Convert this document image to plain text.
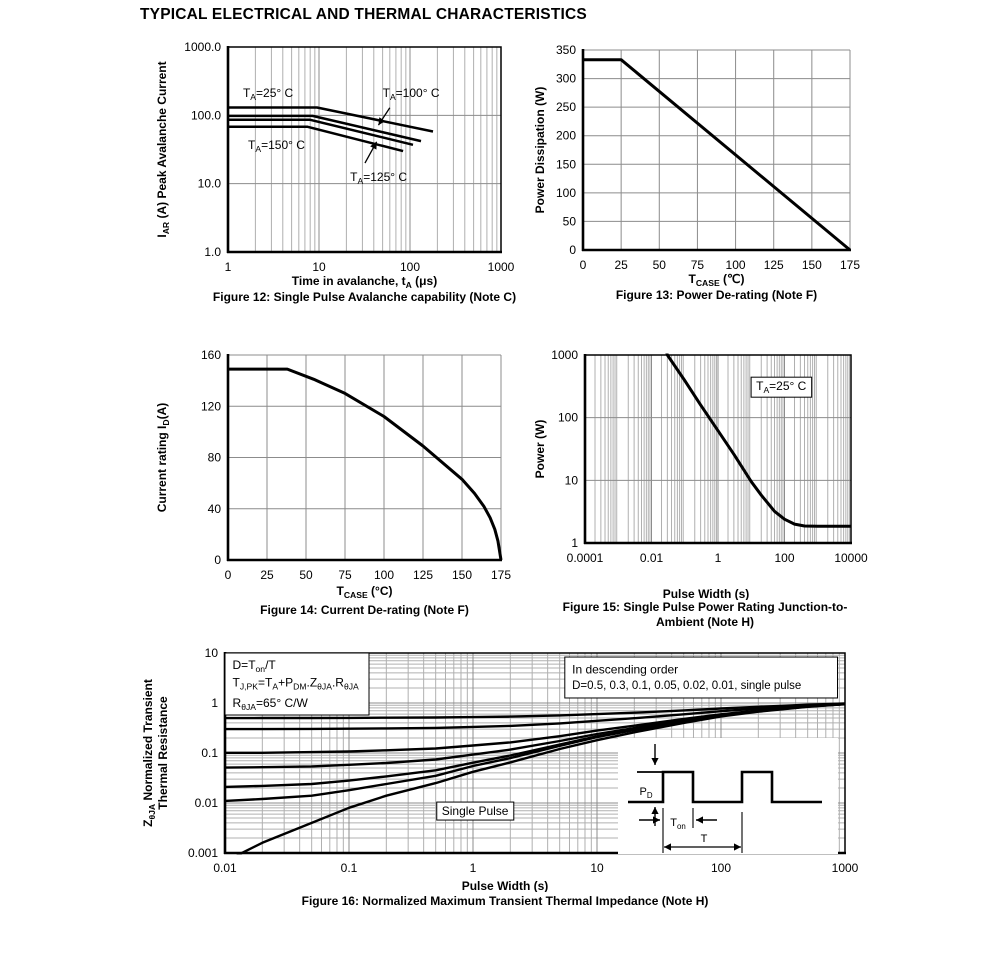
TYPICAL ELECTRICAL AND THERMAL CHARACTERISTICS
$T_A=25^\circ$ C	$T_A=100^\circ$ C
$T_A=150^\circ$ C
$T_A=125^\circ$ C
1	10	100	1000
1.0
10.0
100.0
1000.0
Time in avalanche, $t_A$ (μs)
$I_{AR}$ (A) Peak Avalanche Current
Figure 12: Single Pulse Avalanche capability (Note C)
0 25 50 75 100 125 150 175
0
50
100
150
200
250
300
350
$T_{CASE}$ (℃)
Power Dissipation (W)
Figure 13: Power De-rating (Note F)
0 25 50 75 100 125 150 175
0
40
80
120
160
$T_{CASE}$ (°C)
Current rating $I_D(A)$
Figure 14: Current De-rating (Note F)
$T_A=25^\circ$ C
0.0001	0.01	1	100	10000
1
10
100
1000
Pulse Width (s)
Power (W)
Figure 15: Single Pulse Power Rating Junction-to-
Ambient (Note H)
$P_D$
$T_{on}$
T
$D=T_{on}/T$
$T_{J,PK}=T_A+P_{DM}.Z_{\theta JA}.R_{\theta JA}$
$R_{\theta JA}=65^\circ$ C/W
In descending order
D=0.5, 0.3, 0.1, 0.05, 0.02, 0.01, single pulse
Single Pulse
0.01	0.1	1	10	100	1000
0.001
0.01
0.1
1
10
Pulse Width (s)
$Z_{\theta JA}$ Normalized Transient Thermal Resistance
Figure 16: Normalized Maximum Transient Thermal Impedance (Note H)
